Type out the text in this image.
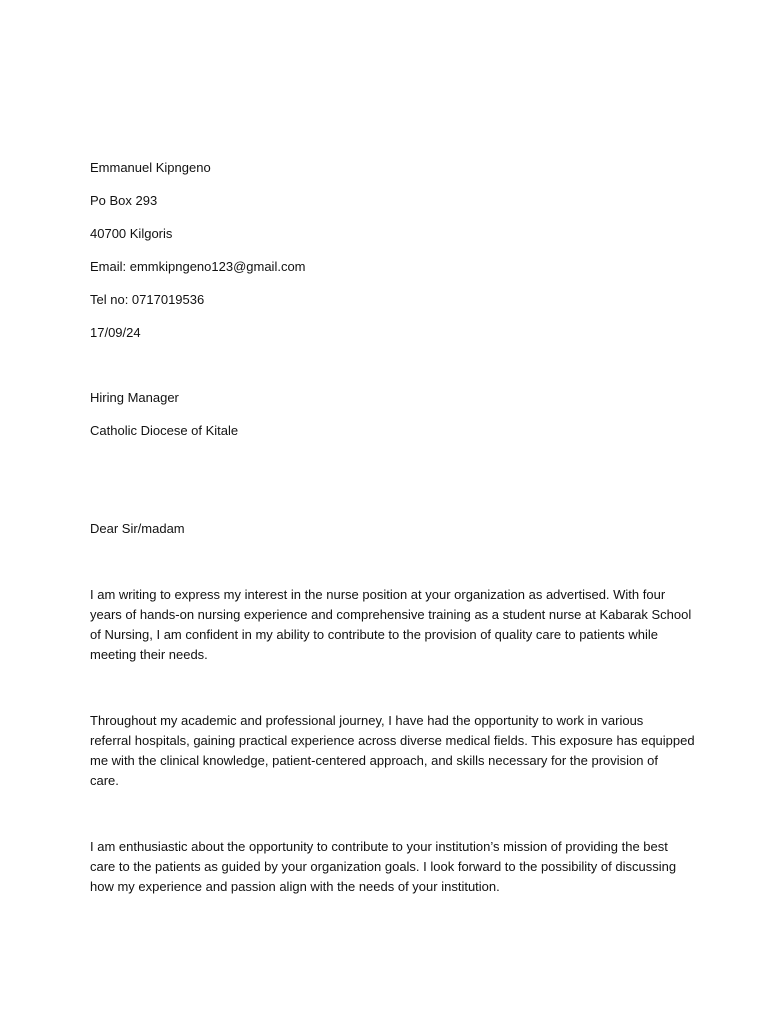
Emmanuel Kipngeno
Po Box 293
40700 Kilgoris
Email: emmkipngeno123@gmail.com
Tel no: 0717019536
17/09/24
Hiring Manager
Catholic Diocese of Kitale
Dear Sir/madam
I am writing to express my interest in the nurse position at your organization as advertised. With four
years of hands-on nursing experience and comprehensive training as a student nurse at Kabarak School
of Nursing, I am confident in my ability to contribute to the provision of quality care to patients while
meeting their needs.
Throughout my academic and professional journey, I have had the opportunity to work in various
referral hospitals, gaining practical experience across diverse medical fields. This exposure has equipped
me with the clinical knowledge, patient-centered approach, and skills necessary for the provision of
care.
I am enthusiastic about the opportunity to contribute to your institution’s mission of providing the best
care to the patients as guided by your organization goals. I look forward to the possibility of discussing
how my experience and passion align with the needs of your institution.
